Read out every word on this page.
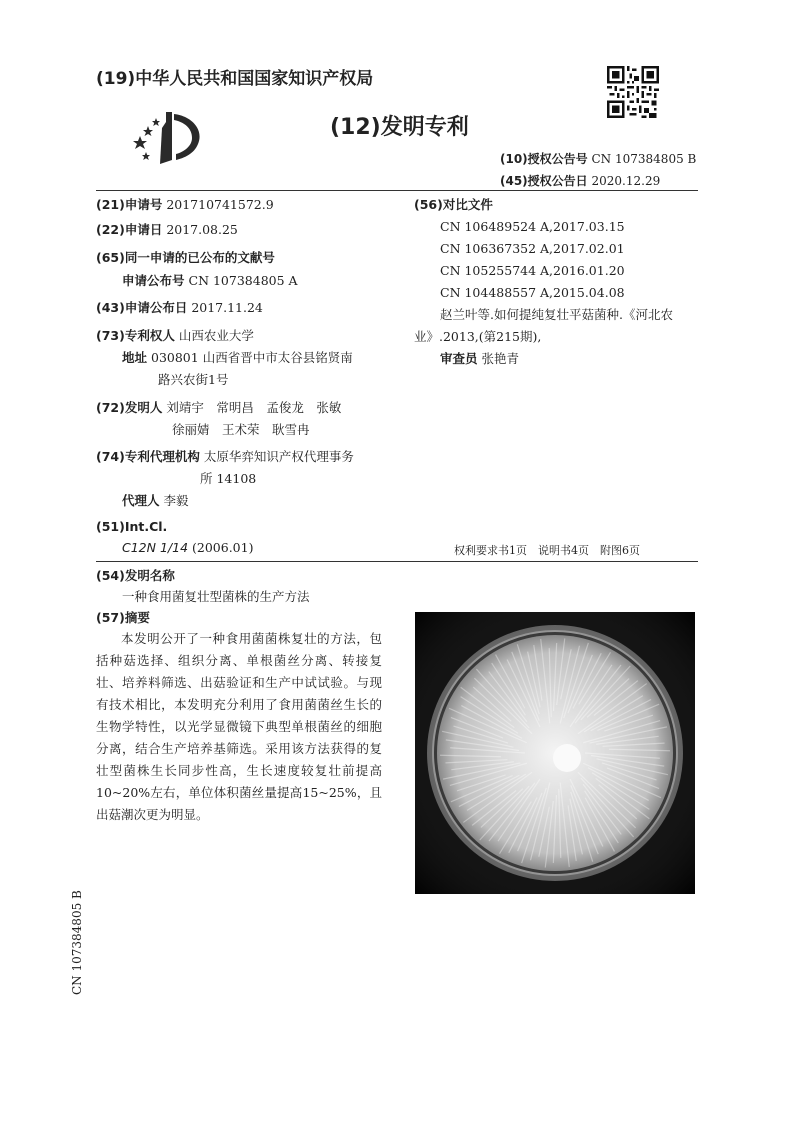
(19)中华人民共和国国家知识产权局
(12)发明专利
(10)授权公告号 CN 107384805 B
(45)授权公告日 2020.12.29
(21)申请号 201710741572.9
(22)申请日 2017.08.25
(65)同一申请的已公布的文献号
申请公布号 CN 107384805 A
(43)申请公布日 2017.11.24
(73)专利权人 山西农业大学
地址 030801 山西省晋中市太谷县铭贤南
路兴农街1号
(72)发明人 刘靖宇　常明昌　孟俊龙　张敏
徐丽婧　王术荣　耿雪冉
(74)专利代理机构 太原华弈知识产权代理事务
所 14108
代理人 李毅
(51)Int.Cl.
C12N 1/14 (2006.01)
(56)对比文件
CN 106489524 A,2017.03.15
CN 106367352 A,2017.02.01
CN 105255744 A,2016.01.20
CN 104488557 A,2015.04.08
赵兰叶等.如何提纯复壮平菇菌种.《河北农
业》.2013,(第215期),
审查员 张艳青
权利要求书1页　说明书4页　附图6页
(54)发明名称
一种食用菌复壮型菌株的生产方法
(57)摘要

本发明公开了一种食用菌菌株复壮的方法，包括种菇选择、组织分离、单根菌丝分离、转接复壮、培养料筛选、出菇验证和生产中试试验。与现有技术相比，本发明充分利用了食用菌菌丝生长的生物学特性，以光学显微镜下典型单根菌丝的细胞分离，结合生产培养基筛选。采用该方法获得的复壮型菌株生长同步性高，生长速度较复壮前提高10~20%左右，单位体积菌丝量提高15~25%，且出菇潮次更为明显。

CN 107384805 B
